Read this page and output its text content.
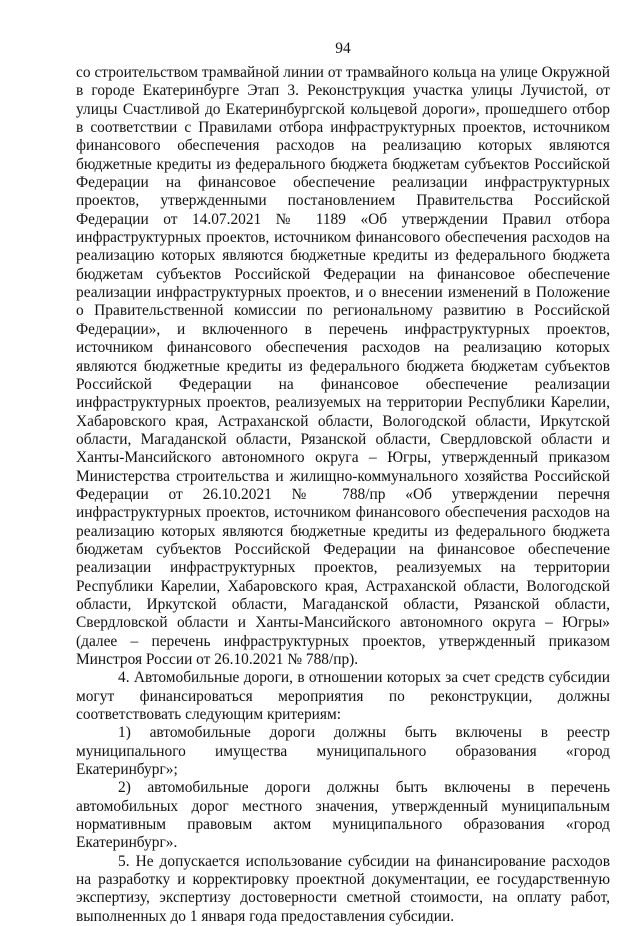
94

со строительством трамвайной линии от трамвайного кольца на улице Окружной в городе Екатеринбурге Этап 3. Реконструкция участка улицы Лучистой, от улицы Счастливой до Екатеринбургской кольцевой дороги», прошедшего отбор в соответствии с Правилами отбора инфраструктурных проектов, источником финансового обеспечения расходов на реализацию которых являются бюджетные кредиты из федерального бюджета бюджетам субъектов Российской Федерации на финансовое обеспечение реализации инфраструктурных проектов, утвержденными постановлением Правительства Российской Федерации от 14.07.2021 № 1189 «Об утверждении Правил отбора инфраструктурных проектов, источником финансового обеспечения расходов на реализацию которых являются бюджетные кредиты из федерального бюджета бюджетам субъектов Российской Федерации на финансовое обеспечение реализации инфраструктурных проектов, и о внесении изменений в Положение о Правительственной комиссии по региональному развитию в Российской Федерации», и включенного в перечень инфраструктурных проектов, источником финансового обеспечения расходов на реализацию которых являются бюджетные кредиты из федерального бюджета бюджетам субъектов Российской Федерации на финансовое обеспечение реализации инфраструктурных проектов, реализуемых на территории Республики Карелии, Хабаровского края, Астраханской области, Вологодской области, Иркутской области, Магаданской области, Рязанской области, Свердловской области и Ханты-Мансийского автономного округа – Югры, утвержденный приказом Министерства строительства и жилищно-коммунального хозяйства Российской Федерации от 26.10.2021 № 788/пр «Об утверждении перечня инфраструктурных проектов, источником финансового обеспечения расходов на реализацию которых являются бюджетные кредиты из федерального бюджета бюджетам субъектов Российской Федерации на финансовое обеспечение реализации инфраструктурных проектов, реализуемых на территории Республики Карелии, Хабаровского края, Астраханской области, Вологодской области, Иркутской области, Магаданской области, Рязанской области, Свердловской области и Ханты-Мансийского автономного округа – Югры» (далее – перечень инфраструктурных проектов, утвержденный приказом Минстроя России от 26.10.2021 № 788/пр).

4. Автомобильные дороги, в отношении которых за счет средств субсидии могут финансироваться мероприятия по реконструкции, должны соответствовать следующим критериям:

1) автомобильные дороги должны быть включены в реестр муниципального имущества муниципального образования «город Екатеринбург»;

2) автомобильные дороги должны быть включены в перечень автомобильных дорог местного значения, утвержденный муниципальным нормативным правовым актом муниципального образования «город Екатеринбург».

5. Не допускается использование субсидии на финансирование расходов на разработку и корректировку проектной документации, ее государственную экспертизу, экспертизу достоверности сметной стоимости, на оплату работ, выполненных до 1 января года предоставления субсидии.
